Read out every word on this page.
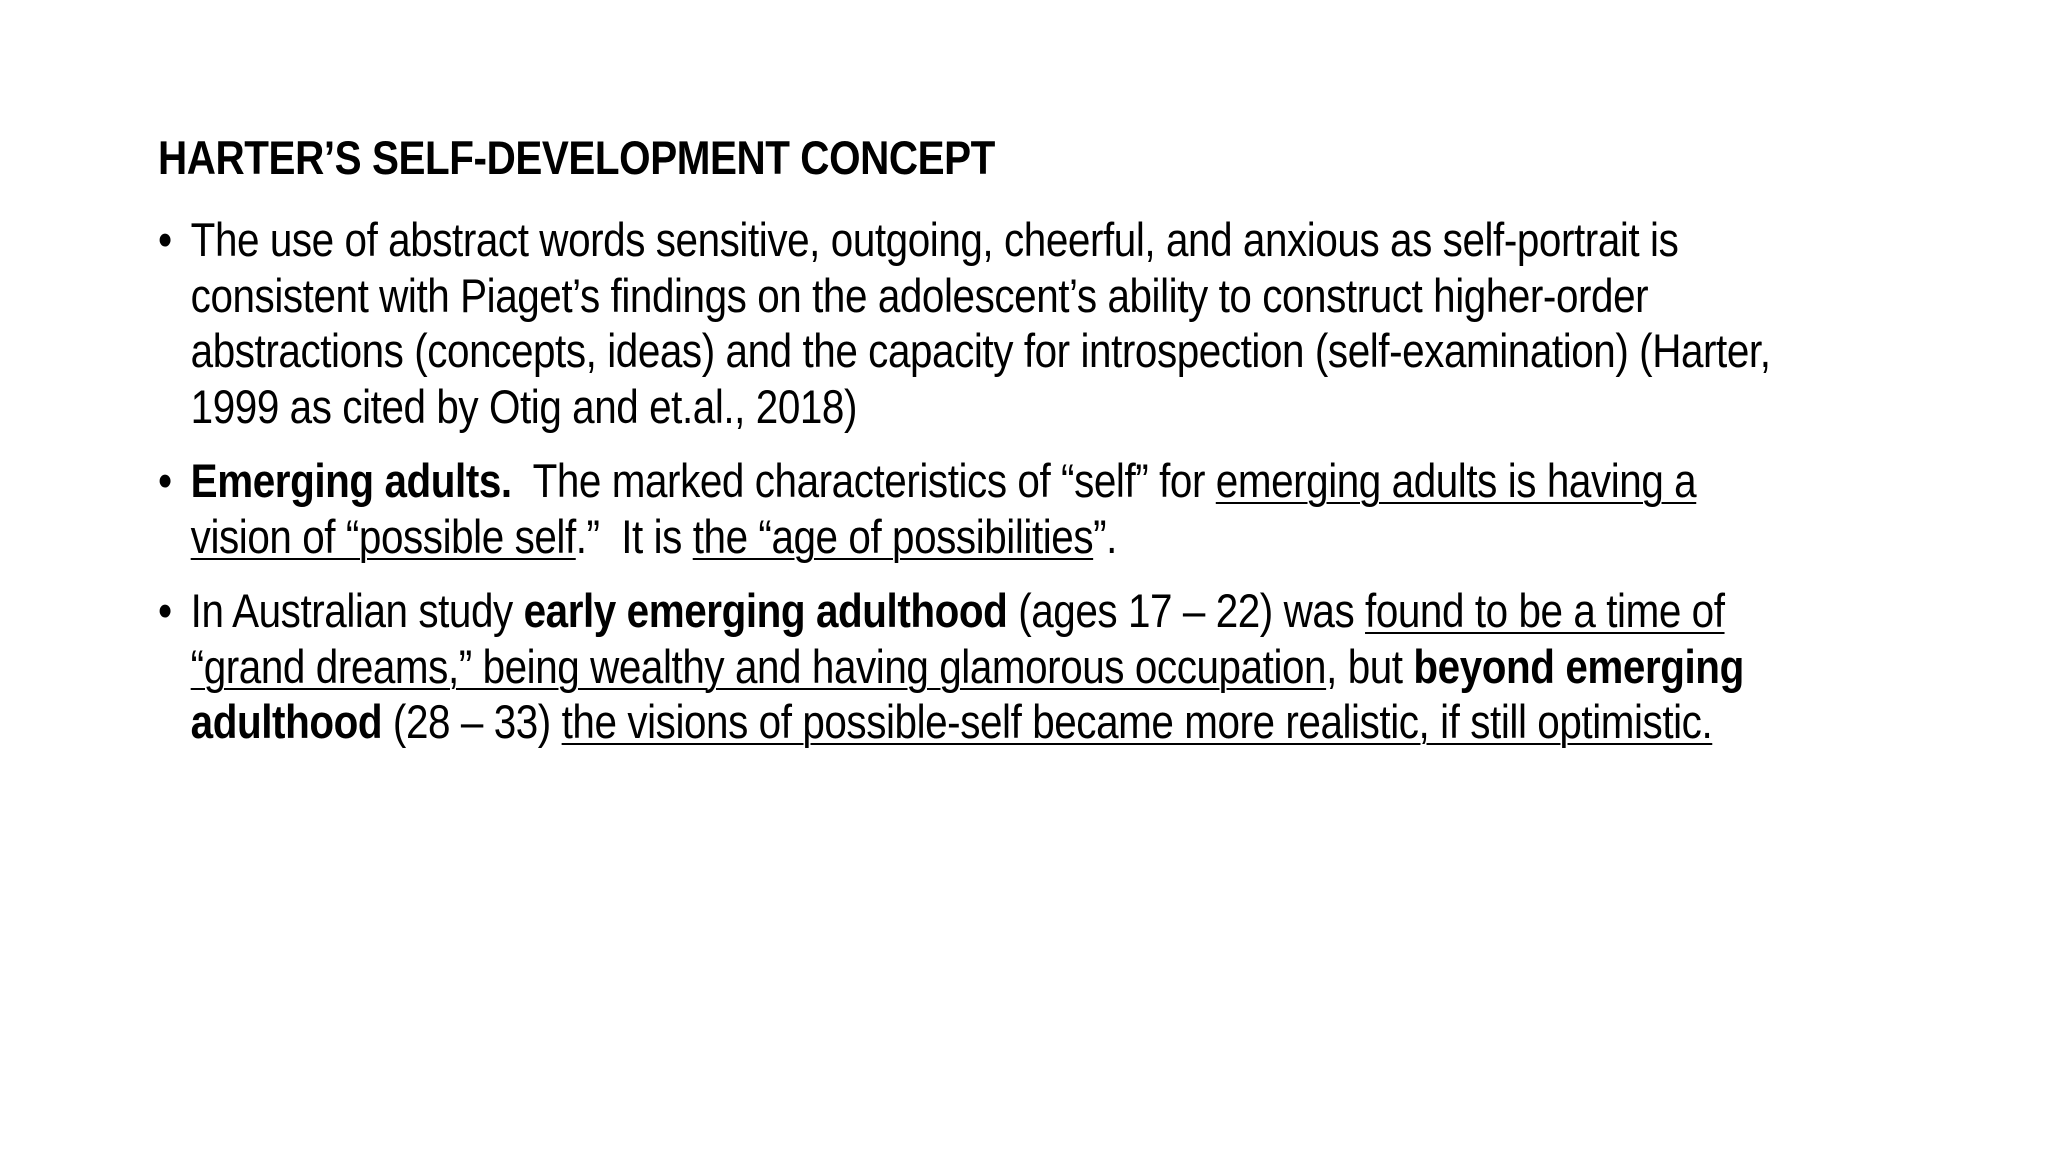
HARTER’S SELF-DEVELOPMENT CONCEPT
• The use of abstract words sensitive, outgoing, cheerful, and anxious as self-portrait is
consistent with Piaget’s findings on the adolescent’s ability to construct higher-order
abstractions (concepts, ideas) and the capacity for introspection (self-examination) (Harter,
1999 as cited by Otig and et.al., 2018)
• Emerging adults.  The marked characteristics of “self” for emerging adults is having a
vision of “possible self.”  It is the “age of possibilities”.
• In Australian study early emerging adulthood (ages 17 – 22) was found to be a time of
“grand dreams,” being wealthy and having glamorous occupation, but beyond emerging
adulthood (28 – 33) the visions of possible-self became more realistic, if still optimistic.
